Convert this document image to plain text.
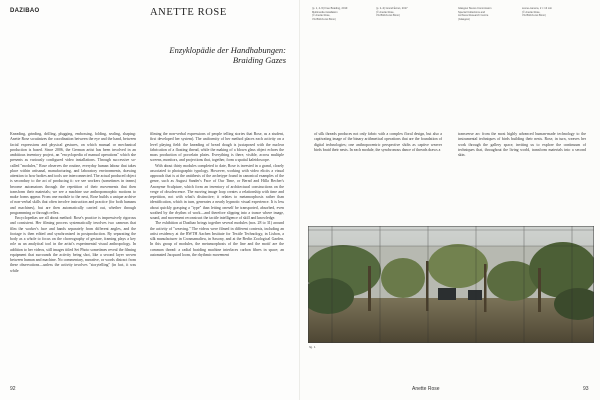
DAZIBAO	ANETTE ROSE
Enzyklopädie der Handhabungen:
Braiding Gazes

Kneading, grinding, drilling, plugging, embossing, folding, sealing, shaping: Anette Rose scrutinizes the coordination between the eye and the hand, between facial expressions and physical gestures, on which manual or mechanical production is based. Since 2006, the German artist has been involved in an ambitious inventory project, an "encyclopedia of manual operations" which she presents as variously configured video installations. Through successive so-called "modules," Rose observes the routine, everyday human labour that takes place within artisanal, manufacturing, and laboratory environments, drawing attention to how bodies and tools are interconnected. The actual produced object is secondary to the act of producing it: we see workers (sometimes in teams) become automatons through the repetition of their movements that then transform their materials; we see a machine use anthropomorphic motions to make forms appear. From one module to the next, Rose builds a unique archive of non-verbal skills that often involve instruction and practice (for both humans and machines), but are then automatically carried out, whether through programming or through reflex.

Encyclopedias are all about method: Rose's practice is impressively rigorous and consistent. Her filming process systematically involves two cameras that film the worker's face and hands separately from different angles, and the footage is then edited and synchronized in postproduction. By separating the body as a whole to focus on the choreography of gesture, framing plays a key role as an analytical tool in the artist's experimental visual anthropology. In addition to her videos, still images titled Set Photo sometimes reveal the filming equipment that surrounds the activity being shot, like a second layer woven between human and machine. No commentary, narrative, or words distract from these observations—unless the activity involves "storytelling" (in fact, it was while

filming the non-verbal expressions of people telling stories that Rose, as a student, first developed her system). The uniformity of her method places each activity on a level playing field: the kneading of bread dough is juxtaposed with the nuclear fabrication of a floating thread, while the making of a blown glass object echoes the mass production of porcelain plates. Everything is there, visible, across multiple screens, monitors, and projections that, together, form a spatial kaleidoscope.

With about thirty modules completed to date, Rose is invested in a grand, closely associated to photographic typology. However, working with video elicits a visual approach that is at the antithesis of the archetype found in canonical examples of the genre, such as August Sander's Face of Our Time, or Bernd and Hilla Becher's Anonyme Sculpture, which form an inventory of architectural constructions on the verge of obsolescence. The moving image loop creates a relationship with time and repetition, not with what's distinctive; it relates to metamorphosis rather than identification, which in turn, generates a nearly hypnotic visual experience. It is less about quickly grasping a "type" than letting oneself be transported, absorbed, even soothed by the rhythm of work—and therefore slipping into a trance where image, sound, and movement reconstruct the tactile intelligence of skill and knowledge.

The exhibition at Dazibao brings together several modules (nos. 28 to 31) around the activity of "weaving." The videos were filmed in different contexts, including an artist residency at the RWTH Aachen Institute for Textile Technology, in Lisbon, a silk manufacturer in Crosmamalieu, in Saxony, and at the Berlin Zoological Garden. In this group of modules, the metamorphosis of the line and the motif are the common thread: a radial braiding machine interlaces carbon fibres in space; an automated Jacquard loom, the rhythmic movement

92

(p. 1, 4–5) Free Braiding, 2019
Multimedia installation
(© Anette Rose,
VG Bild-Kunst Bonn)

(p. 2–3) Grand Écran, 2017
(© Anette Rose,
VG Bild-Kunst Bonn)

Glasgow Stereo Commission
Special Collections and
Archives Research Centre
(Glasgow)

scene-camera, 2 × 13 min
(© Anette Rose,
VG Bild-Kunst Bonn)

of silk threads produces not only fabric with a complex floral design, but also a captivating image of the binary arithmetical operations that are the foundation of digital technologies; one anthropocentric perspective shifts as captive weaver birds braid their nests. In each module, the synchronous dance of threads draws a

transverse arc from the most highly advanced human-made technology to the instrumental techniques of birds building their nests. Rose, in turn, weaves her work through the gallery space, inviting us to explore the continuum of techniques that, throughout the living world, transform materials into a second skin.

fig. 1
Anette Rose	93
